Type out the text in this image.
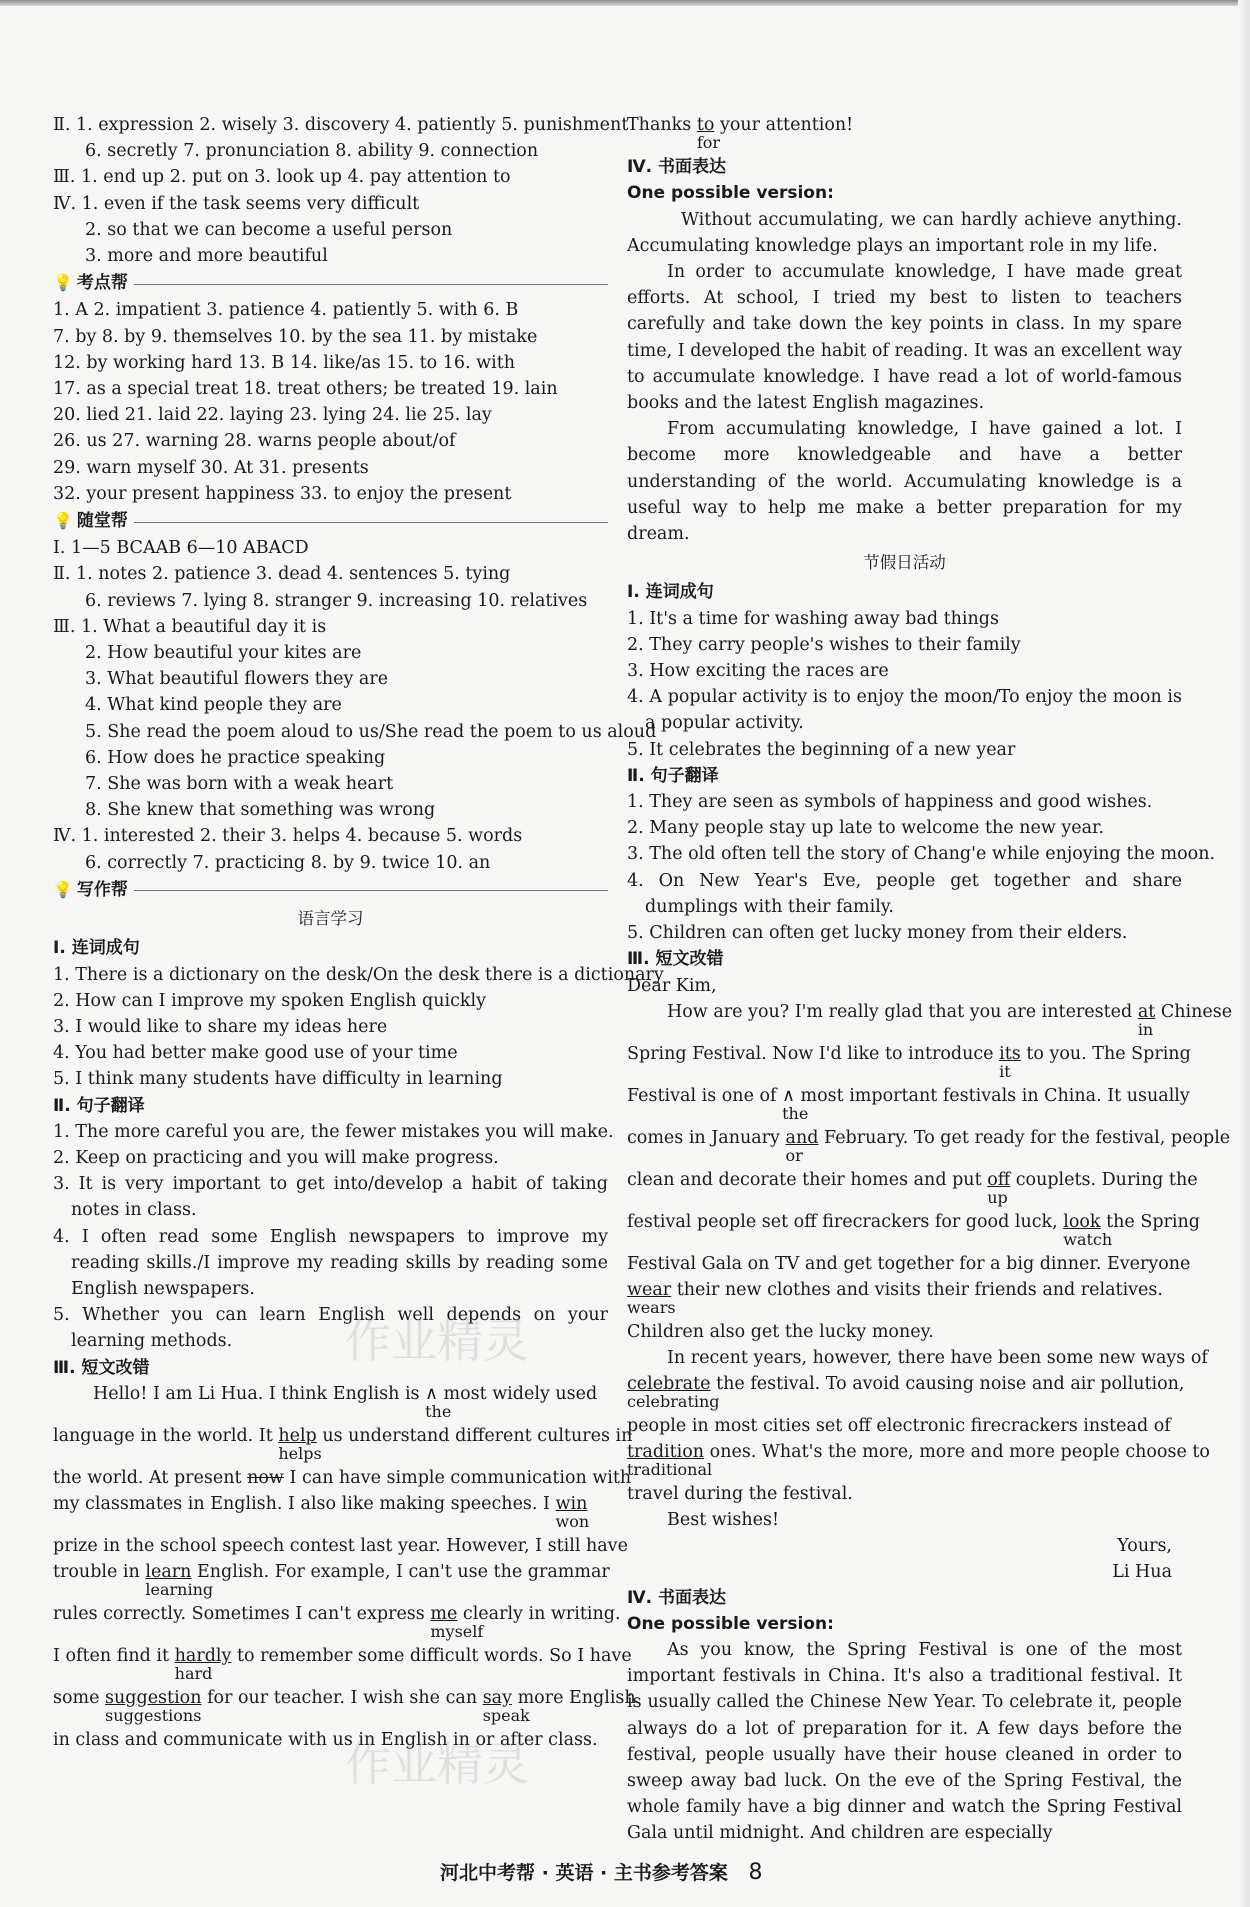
Ⅱ. 1. expression 2. wisely 3. discovery 4. patiently 5. punishment
6. secretly 7. pronunciation 8. ability 9. connection
Ⅲ. 1. end up 2. put on 3. look up 4. pay attention to
Ⅳ. 1. even if the task seems very difficult
2. so that we can become a useful person
3. more and more beautiful
💡 考点帮
1. A 2. impatient 3. patience 4. patiently 5. with 6. B
7. by 8. by 9. themselves 10. by the sea 11. by mistake
12. by working hard 13. B 14. like/as 15. to 16. with
17. as a special treat 18. treat others; be treated 19. lain
20. lied 21. laid 22. laying 23. lying 24. lie 25. lay
26. us 27. warning 28. warns people about/of
29. warn myself 30. At 31. presents
32. your present happiness 33. to enjoy the present
💡 随堂帮
Ⅰ. 1—5 BCAAB 6—10 ABACD
Ⅱ. 1. notes 2. patience 3. dead 4. sentences 5. tying
6. reviews 7. lying 8. stranger 9. increasing 10. relatives
Ⅲ. 1. What a beautiful day it is
2. How beautiful your kites are
3. What beautiful flowers they are
4. What kind people they are
5. She read the poem aloud to us/She read the poem to us aloud
6. How does he practice speaking
7. She was born with a weak heart
8. She knew that something was wrong
Ⅳ. 1. interested 2. their 3. helps 4. because 5. words
6. correctly 7. practicing 8. by 9. twice 10. an
💡 写作帮
语言学习
Ⅰ. 连词成句
1. There is a dictionary on the desk/On the desk there is a dictionary
2. How can I improve my spoken English quickly
3. I would like to share my ideas here
4. You had better make good use of your time
5. I think many students have difficulty in learning
Ⅱ. 句子翻译
1. The more careful you are, the fewer mistakes you will make.
2. Keep on practicing and you will make progress.
3. It is very important to get into/develop a habit of taking notes in class.
4. I often read some English newspapers to improve my reading skills./I improve my reading skills by reading some English newspapers.
5. Whether you can learn English well depends on your learning methods.
Ⅲ. 短文改错
Hello! I am Li Hua. I think English is ∧
the
most widely used
language in the world. It help
helps
us understand different cultures in
the world. At present now I can have simple communication with
my classmates in English. I also like making speeches. I win
won
prize in the school speech contest last year. However, I still have
trouble in learn
learning
English. For example, I can't use the grammar
rules correctly. Sometimes I can't express me
myself
clearly in writing.
I often find it hardly
hard
to remember some difficult words. So I have
some suggestion
suggestions
for our teacher. I wish she can say
speak
more English
in class and communicate with us in English in or after class.
Thanks to
for
your attention!
Ⅳ. 书面表达
One possible version:

Without accumulating, we can hardly achieve anything. Accumulating knowledge plays an important role in my life.

In order to accumulate knowledge, I have made great efforts. At school, I tried my best to listen to teachers carefully and take down the key points in class. In my spare time, I developed the habit of reading. It was an excellent way to accumulate knowledge. I have read a lot of world-famous books and the latest English magazines.

From accumulating knowledge, I have gained a lot. I become more knowledgeable and have a better understanding of the world. Accumulating knowledge is a useful way to help me make a better preparation for my dream.

节假日活动
Ⅰ. 连词成句
1. It's a time for washing away bad things
2. They carry people's wishes to their family
3. How exciting the races are
4. A popular activity is to enjoy the moon/To enjoy the moon is a popular activity.
5. It celebrates the beginning of a new year
Ⅱ. 句子翻译
1. They are seen as symbols of happiness and good wishes.
2. Many people stay up late to welcome the new year.
3. The old often tell the story of Chang'e while enjoying the moon.
4. On New Year's Eve, people get together and share dumplings with their family.
5. Children can often get lucky money from their elders.
Ⅲ. 短文改错
Dear Kim,
How are you? I'm really glad that you are interested $\frac{at}{in}$ Chinese
Spring Festival. Now I'd like to introduce its
it
to you. The Spring
Festival is one of ∧
the
most important festivals in China. It usually
comes in January and
or
February. To get ready for the festival, people
clean and decorate their homes and put off
up
couplets. During the
festival people set off firecrackers for good luck, look
watch
the Spring
Festival Gala on TV and get together for a big dinner. Everyone
wear
wears
their new clothes and visits their friends and relatives.
Children also get the lucky money.
In recent years, however, there have been some new ways of
celebrate
celebrating
the festival. To avoid causing noise and air pollution,
people in most cities set off electronic firecrackers instead of
tradition
traditional
ones. What's the more, more and more people choose to
travel during the festival.
Best wishes!
Yours,
Li Hua
Ⅳ. 书面表达
One possible version:

As you know, the Spring Festival is one of the most important festivals in China. It's also a traditional festival. It is usually called the Chinese New Year. To celebrate it, people always do a lot of preparation for it. A few days before the festival, people usually have their house cleaned in order to sweep away bad luck. On the eve of the Spring Festival, the whole family have a big dinner and watch the Spring Festival Gala until midnight. And children are especially

作业精灵
作业精灵
河北中考帮 · 英语 · 主书参考答案 8
